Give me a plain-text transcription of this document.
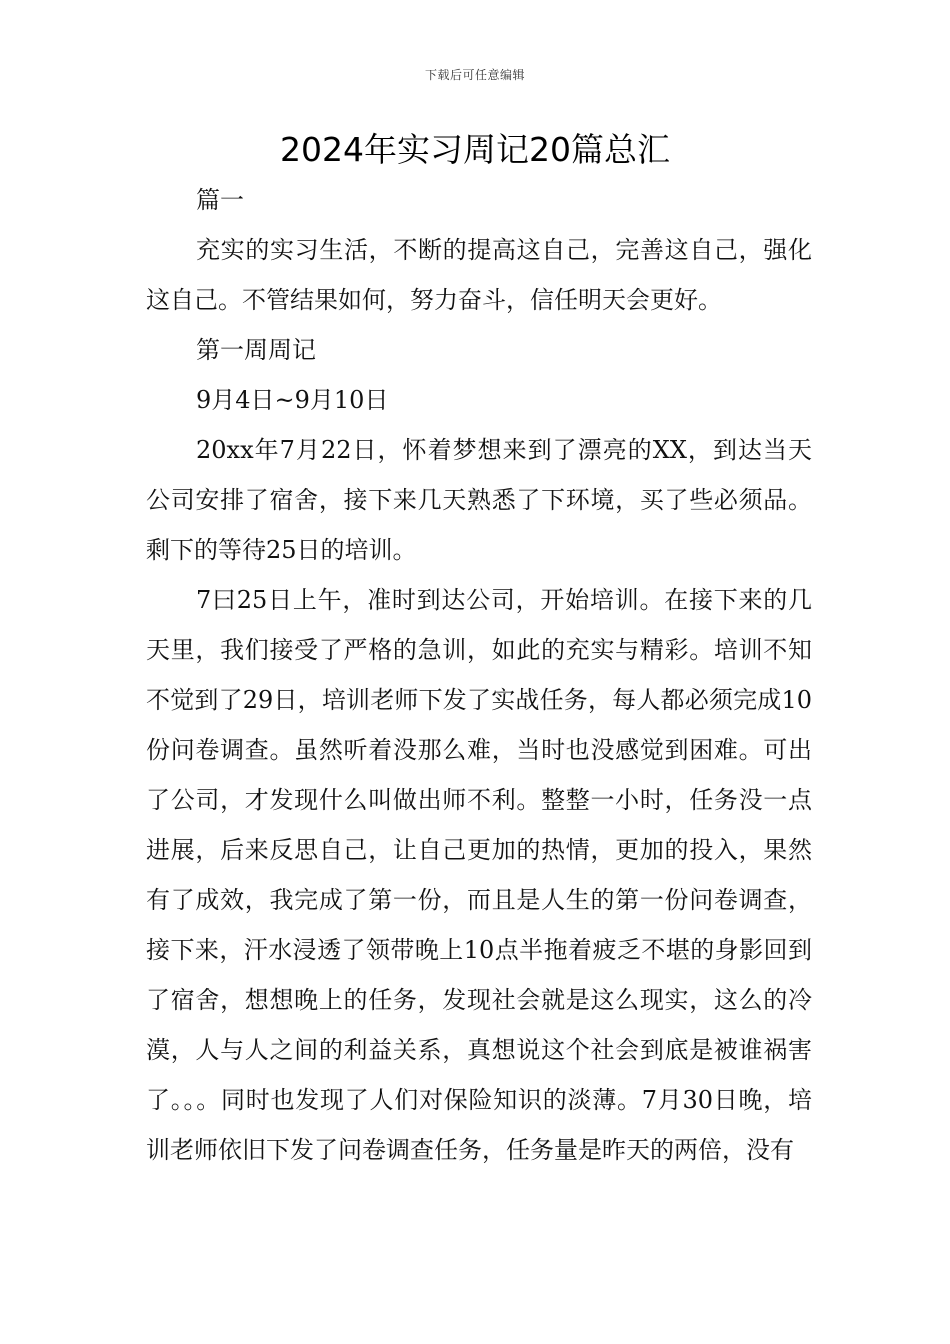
下载后可任意编辑
2024年实习周记20篇总汇

篇一

充实的实习生活，不断的提高这自己，完善这自己，强化这自己。不管结果如何，努力奋斗，信任明天会更好。

第一周周记

9月4日~9月10日

20xx年7月22日，怀着梦想来到了漂亮的XX，到达当天公司安排了宿舍，接下来几天熟悉了下环境，买了些必须品。剩下的等待25日的培训。

7曰25日上午，准时到达公司，开始培训。在接下来的几天里，我们接受了严格的急训，如此的充实与精彩。培训不知不觉到了29日，培训老师下发了实战任务，每人都必须完成10份问卷调查。虽然听着没那么难，当时也没感觉到困难。可出了公司，才发现什么叫做出师不利。整整一小时，任务没一点进展，后来反思自己，让自己更加的热情，更加的投入，果然有了成效，我完成了第一份，而且是人生的第一份问卷调查，接下来，汗水浸透了领带晚上10点半拖着疲乏不堪的身影回到了宿舍，想想晚上的任务，发现社会就是这么现实，这么的冷漠，人与人之间的利益关系，真想说这个社会到底是被谁祸害了。。。同时也发现了人们对保险知识的淡薄。7月30日晚，培训老师依旧下发了问卷调查任务，任务量是昨天的两倍，没有
